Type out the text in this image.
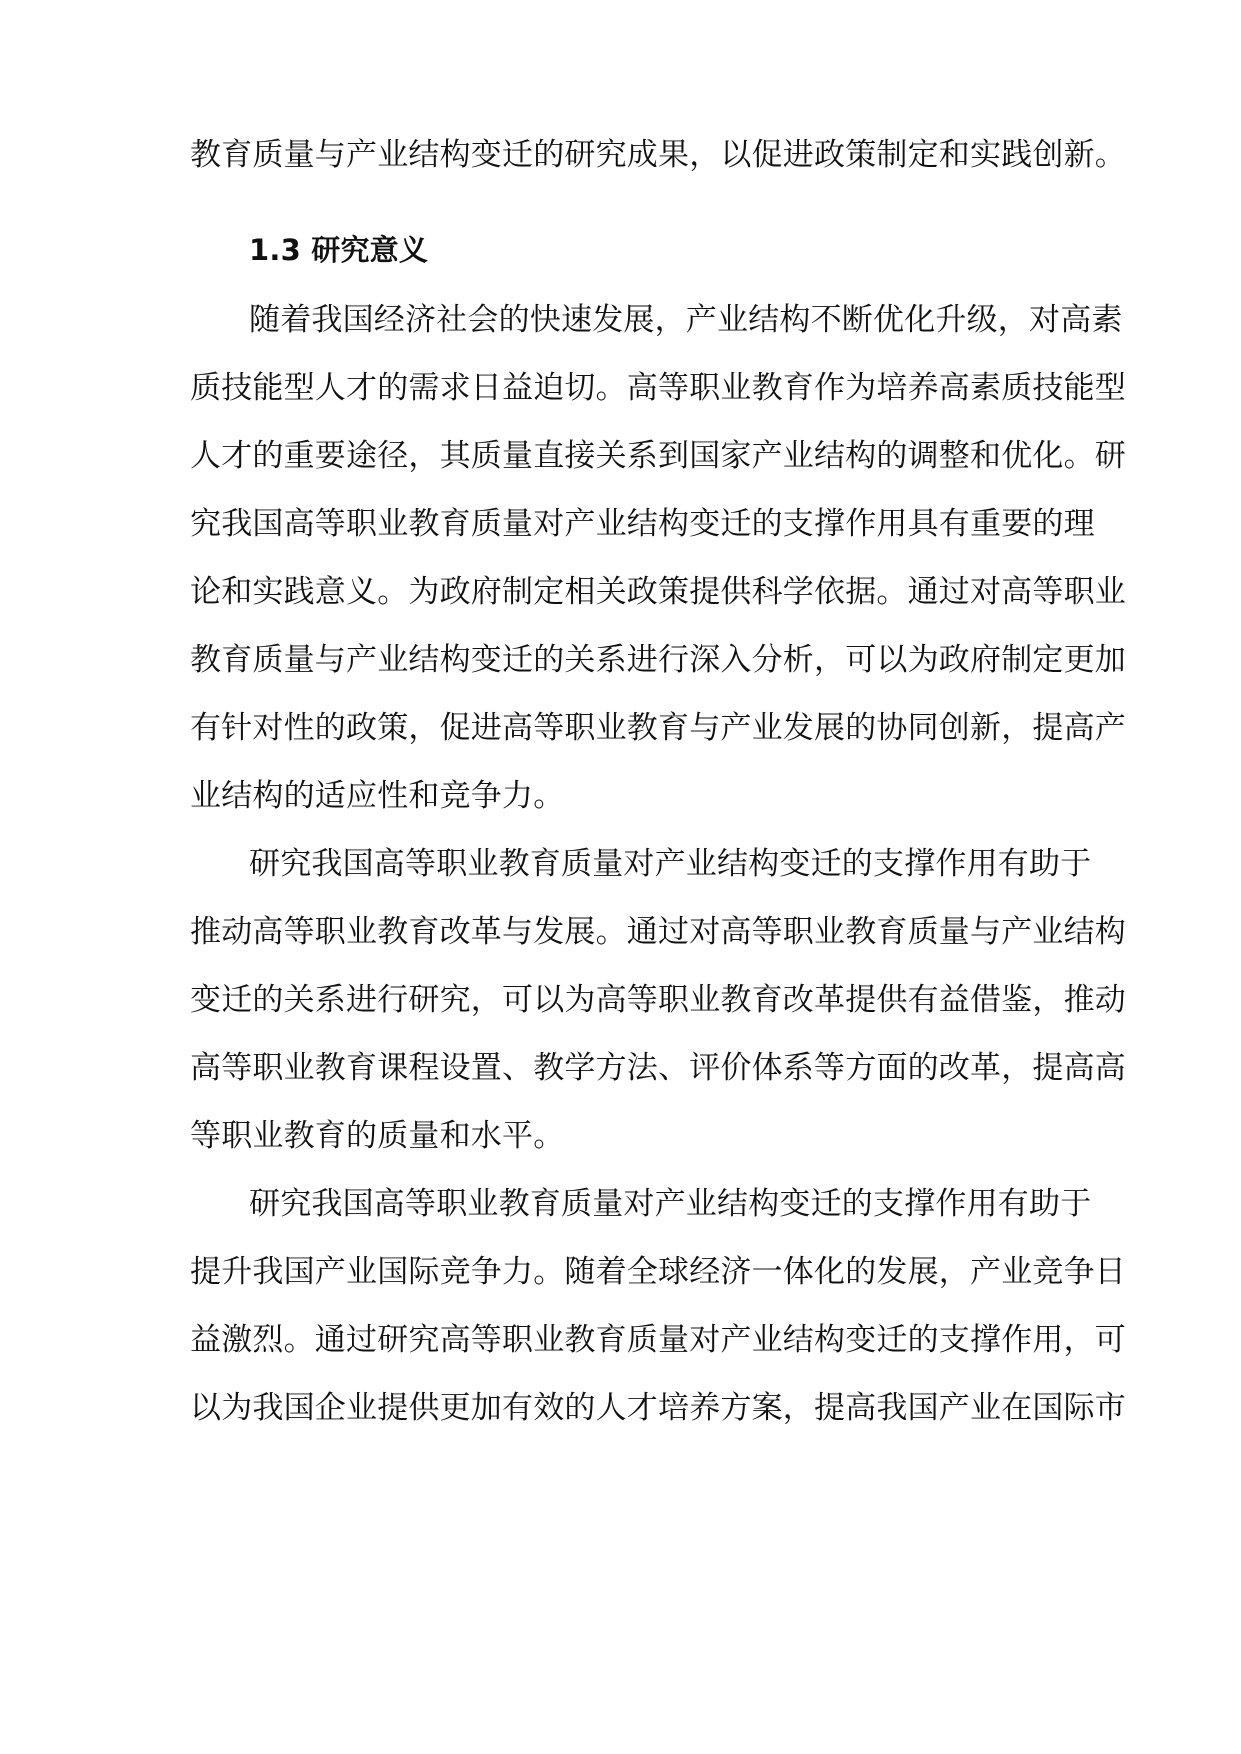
教育质量与产业结构变迁的研究成果，以促进政策制定和实践创新。
1.3 研究意义
随着我国经济社会的快速发展，产业结构不断优化升级，对高素
质技能型人才的需求日益迫切。高等职业教育作为培养高素质技能型
人才的重要途径，其质量直接关系到国家产业结构的调整和优化。研
究我国高等职业教育质量对产业结构变迁的支撑作用具有重要的理
论和实践意义。为政府制定相关政策提供科学依据。通过对高等职业
教育质量与产业结构变迁的关系进行深入分析，可以为政府制定更加
有针对性的政策，促进高等职业教育与产业发展的协同创新，提高产
业结构的适应性和竞争力。
研究我国高等职业教育质量对产业结构变迁的支撑作用有助于
推动高等职业教育改革与发展。通过对高等职业教育质量与产业结构
变迁的关系进行研究，可以为高等职业教育改革提供有益借鉴，推动
高等职业教育课程设置、教学方法、评价体系等方面的改革，提高高
等职业教育的质量和水平。
研究我国高等职业教育质量对产业结构变迁的支撑作用有助于
提升我国产业国际竞争力。随着全球经济一体化的发展，产业竞争日
益激烈。通过研究高等职业教育质量对产业结构变迁的支撑作用，可
以为我国企业提供更加有效的人才培养方案，提高我国产业在国际市
